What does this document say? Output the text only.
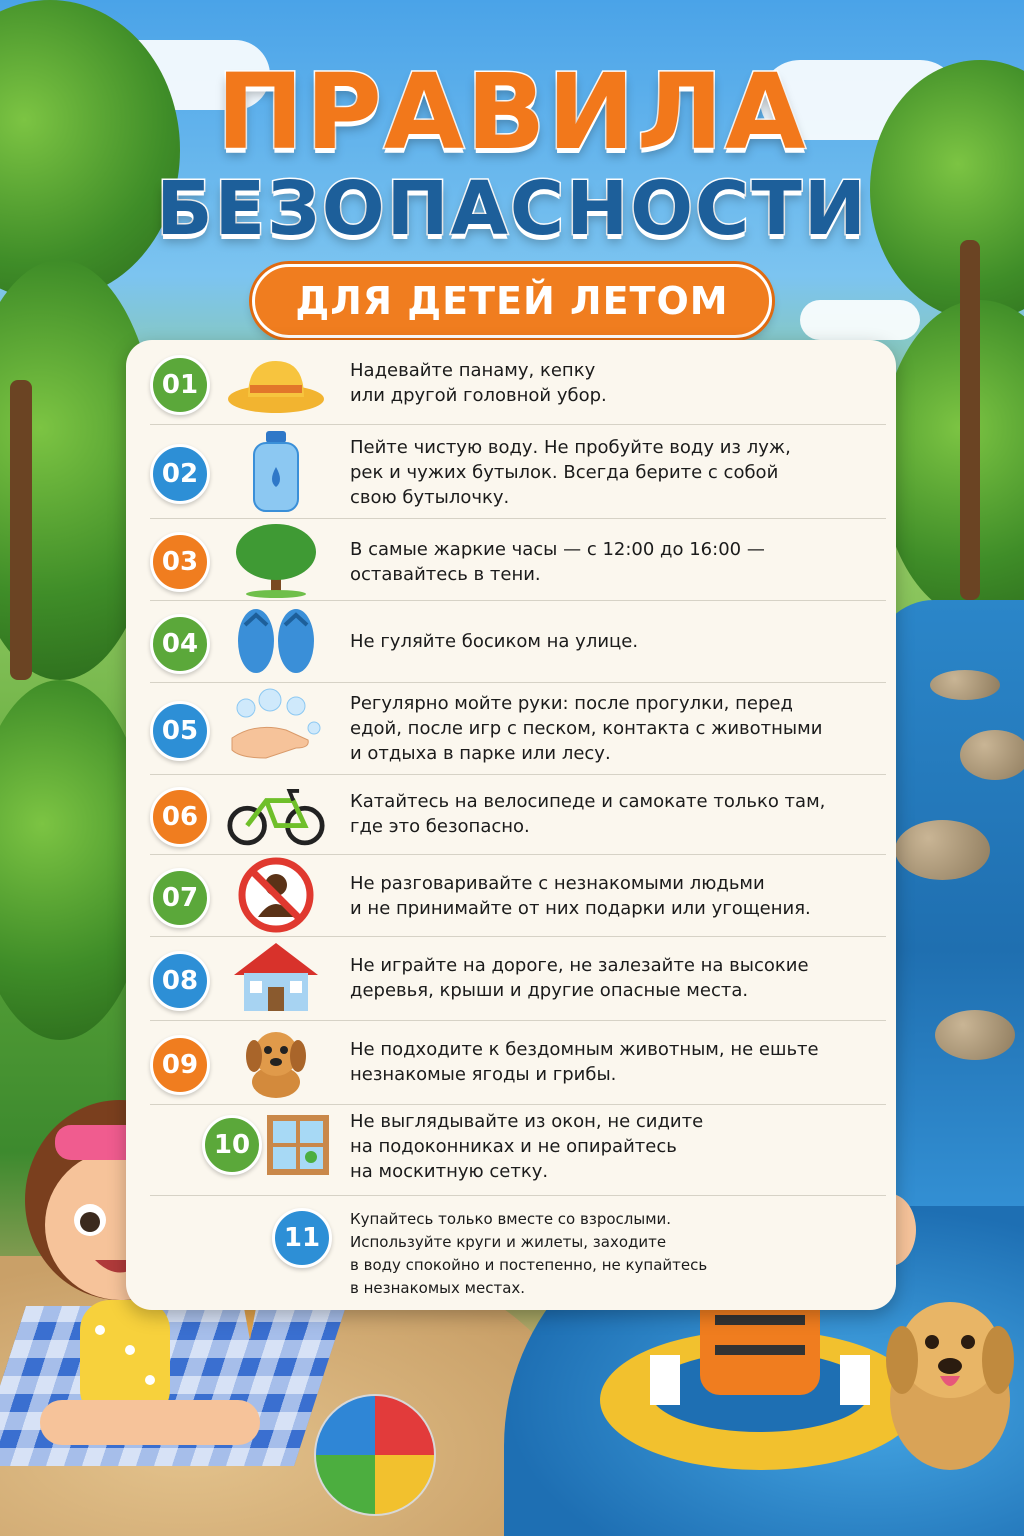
ПРАВИЛА
БЕЗОПАСНОСТИ
ДЛЯ ДЕТЕЙ ЛЕТОМ
01	Надевайте панаму, кепку
или другой головной убор.
02
Пейте чистую воду. Не пробуйте воду из луж,
рек и чужих бутылок. Всегда берите с собой
свою бутылочку.
03	В самые жаркие часы — с 12:00 до 16:00 —
оставайтесь в тени.
04	Не гуляйте босиком на улице.
05
Регулярно мойте руки: после прогулки, перед
едой, после игр с песком, контакта с животными
и отдыха в парке или лесу.
06
Катайтесь на велосипеде и самокате только там,
где это безопасно.
07	Не разговаривайте с незнакомыми людьми
и не принимайте от них подарки или угощения.
08
Не играйте на дороге, не залезайте на высокие
деревья, крыши и другие опасные места.
09
Не подходите к бездомным животным, не ешьте
незнакомые ягоды и грибы.
10
Не выглядывайте из окон, не сидите
на подоконниках и не опирайтесь
на москитную сетку.
11
Купайтесь только вместе со взрослыми.
Используйте круги и жилеты, заходите
в воду спокойно и постепенно, не купайтесь
в незнакомых местах.
